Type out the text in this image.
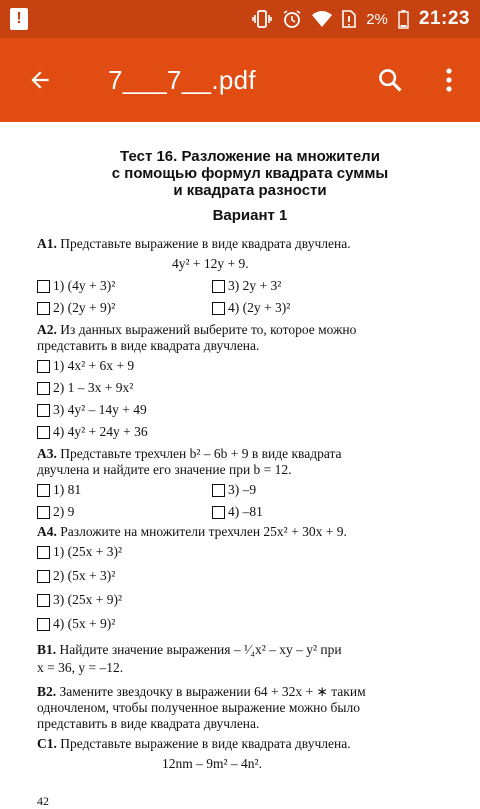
!	2% 21:23
7___7__.pdf
Тест 16. Разложение на множители
с помощью формул квадрата суммы
и квадрата разности
Вариант 1
А1. Представьте выражение в виде квадрата двучлена.
4y² + 12y + 9.
1) (4y + 3)²	3) 2y + 3²
2) (2y + 9)²	4) (2y + 3)²
А2. Из данных выражений выберите то, которое можно
представить в виде квадрата двучлена.
1) 4x² + 6x + 9
2) 1 – 3x + 9x²
3) 4y² – 14y + 49
4) 4y² + 24y + 36
А3. Представьте трехчлен b² – 6b + 9 в виде квадрата
двучлена и найдите его значение при b = 12.
1) 81	3) –9
2) 9	4) –81
А4. Разложите на множители трехчлен 25x² + 30x + 9.
1) (25x + 3)²
2) (5x + 3)²
3) (25x + 9)²
4) (5x + 9)²
В1. Найдите значение выражения – ¹⁄₄x² – xy – y² при
x = 36, y = –12.
В2. Замените звездочку в выражении 64 + 32x + ∗ таким
одночленом, чтобы полученное выражение можно было
представить в виде квадрата двучлена.
С1. Представьте выражение в виде квадрата двучлена.
12nm – 9m² – 4n².
42
